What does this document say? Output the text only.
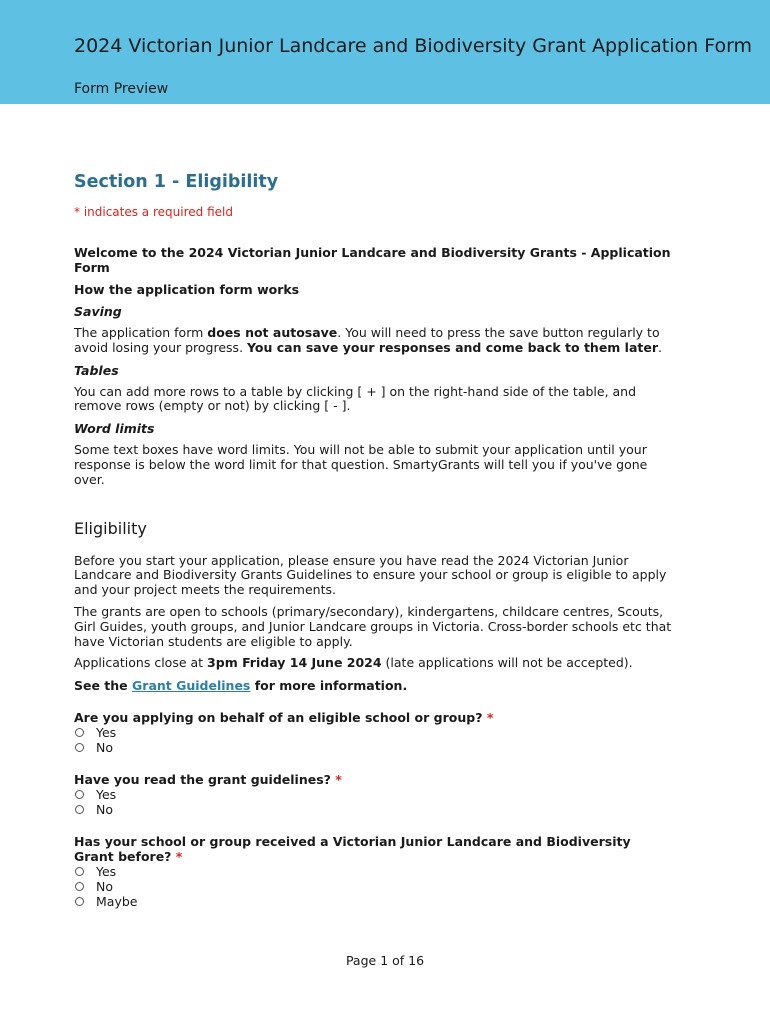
2024 Victorian Junior Landcare and Biodiversity Grant Application Form
Form Preview
Section 1 - Eligibility
* indicates a required field
Welcome to the 2024 Victorian Junior Landcare and Biodiversity Grants - Application Form
How the application form works
Saving
The application form does not autosave. You will need to press the save button regularly to avoid losing your progress. You can save your responses and come back to them later.
Tables
You can add more rows to a table by clicking [ + ] on the right-hand side of the table, and remove rows (empty or not) by clicking [ - ].
Word limits
Some text boxes have word limits. You will not be able to submit your application until your response is below the word limit for that question. SmartyGrants will tell you if you've gone over.
Eligibility
Before you start your application, please ensure you have read the 2024 Victorian Junior Landcare and Biodiversity Grants Guidelines to ensure your school or group is eligible to apply and your project meets the requirements.
The grants are open to schools (primary/secondary), kindergartens, childcare centres, Scouts, Girl Guides, youth groups, and Junior Landcare groups in Victoria. Cross-border schools etc that have Victorian students are eligible to apply.
Applications close at 3pm Friday 14 June 2024 (late applications will not be accepted).
See the Grant Guidelines for more information.
Are you applying on behalf of an eligible school or group? *
Yes
No
Have you read the grant guidelines? *
Yes
No
Has your school or group received a Victorian Junior Landcare and Biodiversity Grant before? *
Yes
No
Maybe
Page 1 of 16
